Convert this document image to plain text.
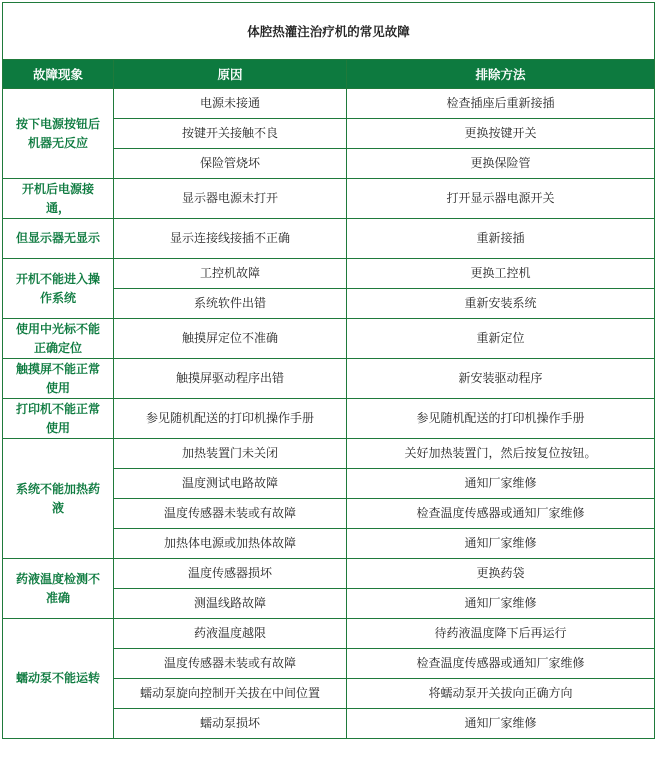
体腔热灌注治疗机的常见故障		
故障现象	原因	排除方法
按下电源按钮后机器无反应	电源未接通	检查插座后重新接插
	按键开关接触不良	更换按键开关
	保险管烧坏	更换保险管
开机后电源接通，	显示器电源未打开	打开显示器电源开关
但显示器无显示	显示连接线接插不正确	重新接插
开机不能进入操作系统	工控机故障	更换工控机
	系统软件出错	重新安装系统
使用中光标不能正确定位	触摸屏定位不准确	重新定位
触摸屏不能正常使用	触摸屏驱动程序出错	新安装驱动程序
打印机不能正常使用	参见随机配送的打印机操作手册	参见随机配送的打印机操作手册
系统不能加热药液	加热装置门未关闭	关好加热装置门，然后按复位按钮。
	温度测试电路故障	通知厂家维修
	温度传感器未装或有故障	检查温度传感器或通知厂家维修
	加热体电源或加热体故障	通知厂家维修
药液温度检测不准确	温度传感器损坏	更换药袋
	测温线路故障	通知厂家维修
蠕动泵不能运转	药液温度越限	待药液温度降下后再运行
	温度传感器未装或有故障	检查温度传感器或通知厂家维修
	蠕动泵旋向控制开关拔在中间位置	将蠕动泵开关拔向正确方向
	蠕动泵损坏	通知厂家维修
